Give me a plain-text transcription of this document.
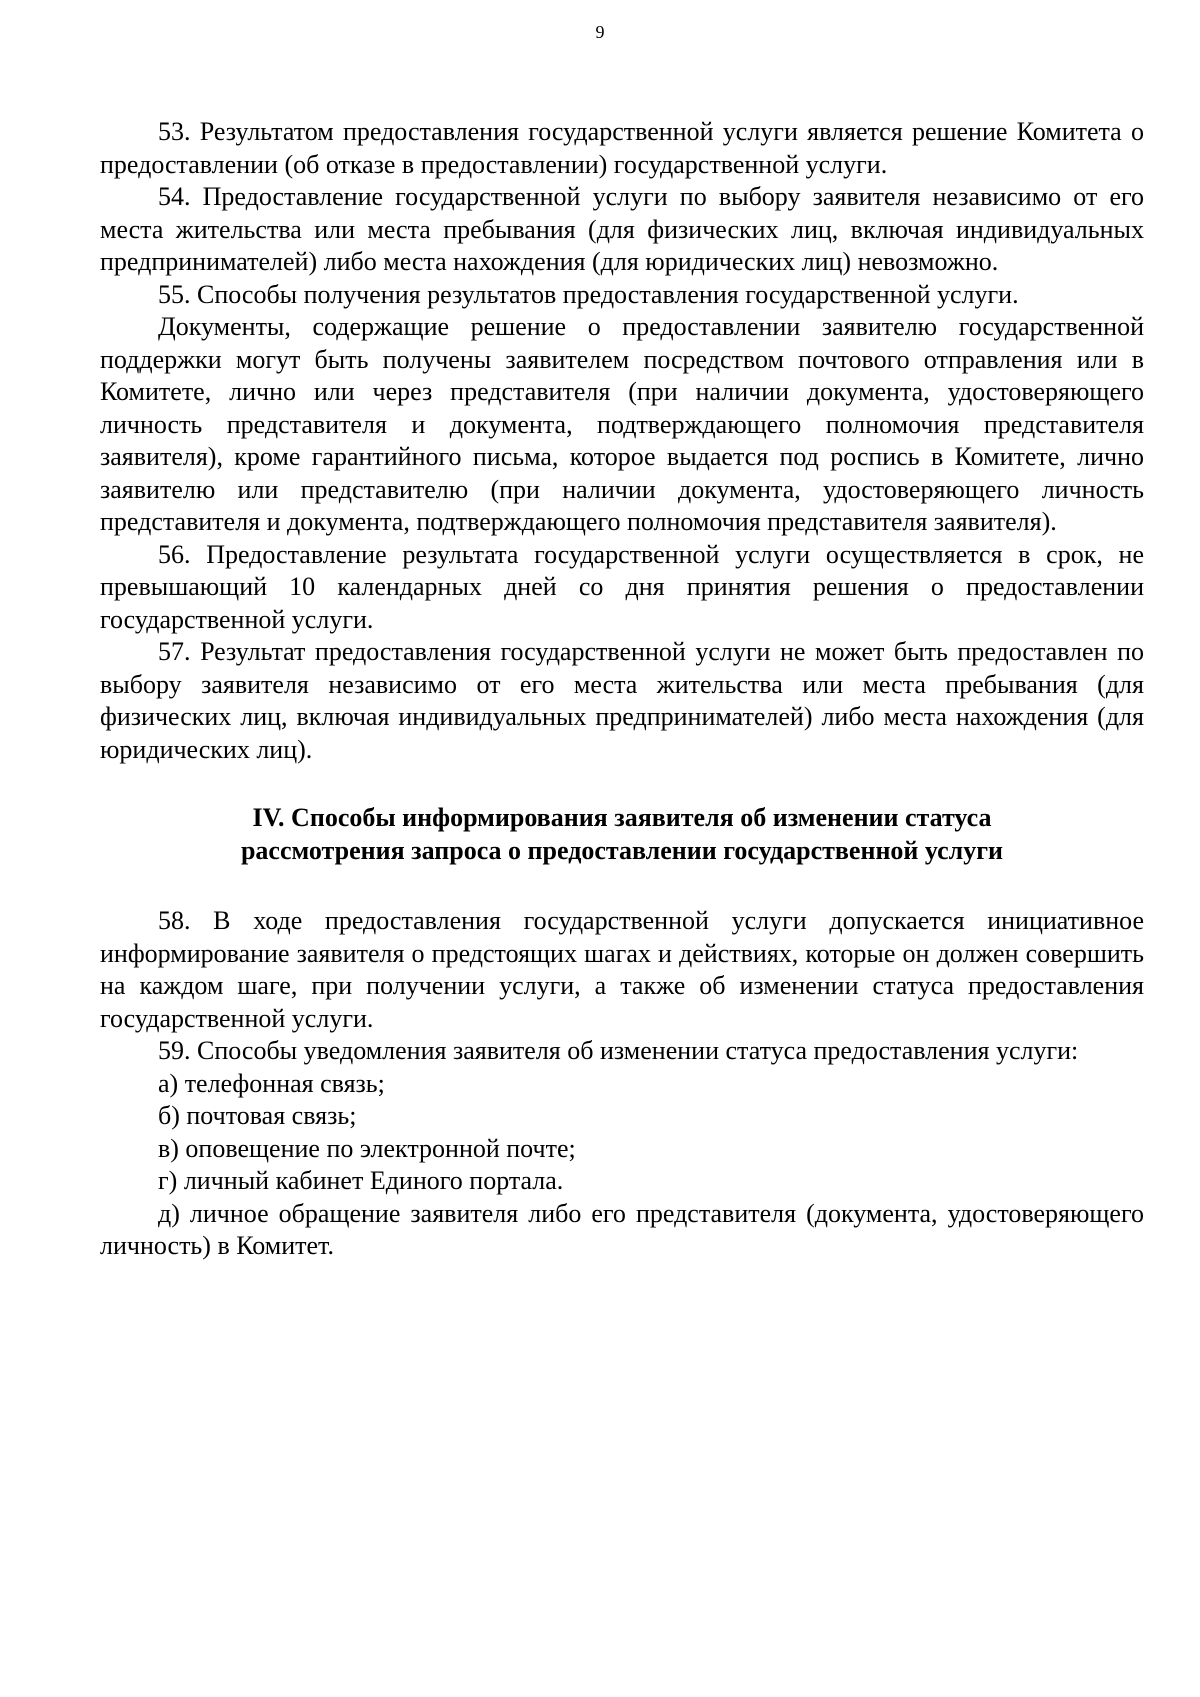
9

53. Результатом предоставления государственной услуги является решение Комитета о предоставлении (об отказе в предоставлении) государственной услуги.

54. Предоставление государственной услуги по выбору заявителя независимо от его места жительства или места пребывания (для физических лиц, включая индивидуальных предпринимателей) либо места нахождения (для юридических лиц) невозможно.

55. Способы получения результатов предоставления государственной услуги.

Документы, содержащие решение о предоставлении заявителю государственной поддержки могут быть получены заявителем посредством почтового отправления или в Комитете, лично или через представителя (при наличии документа, удостоверяющего личность представителя и документа, подтверждающего полномочия представителя заявителя), кроме гарантийного письма, которое выдается под роспись в Комитете, лично заявителю или представителю (при наличии документа, удостоверяющего личность представителя и документа, подтверждающего полномочия представителя заявителя).

56. Предоставление результата государственной услуги осуществляется в срок, не превышающий 10 календарных дней со дня принятия решения о предоставлении государственной услуги.

57. Результат предоставления государственной услуги не может быть предоставлен по выбору заявителя независимо от его места жительства или места пребывания (для физических лиц, включая индивидуальных предпринимателей) либо места нахождения (для юридических лиц).

IV. Способы информирования заявителя об изменении статуса
рассмотрения запроса о предоставлении государственной услуги

58. В ходе предоставления государственной услуги допускается инициативное информирование заявителя о предстоящих шагах и действиях, которые он должен совершить на каждом шаге, при получении услуги, а также об изменении статуса предоставления государственной услуги.

59. Способы уведомления заявителя об изменении статуса предоставления услуги:

а) телефонная связь;

б) почтовая связь;

в) оповещение по электронной почте;

г) личный кабинет Единого портала.

д) личное обращение заявителя либо его представителя (документа, удостоверяющего личность) в Комитет.
